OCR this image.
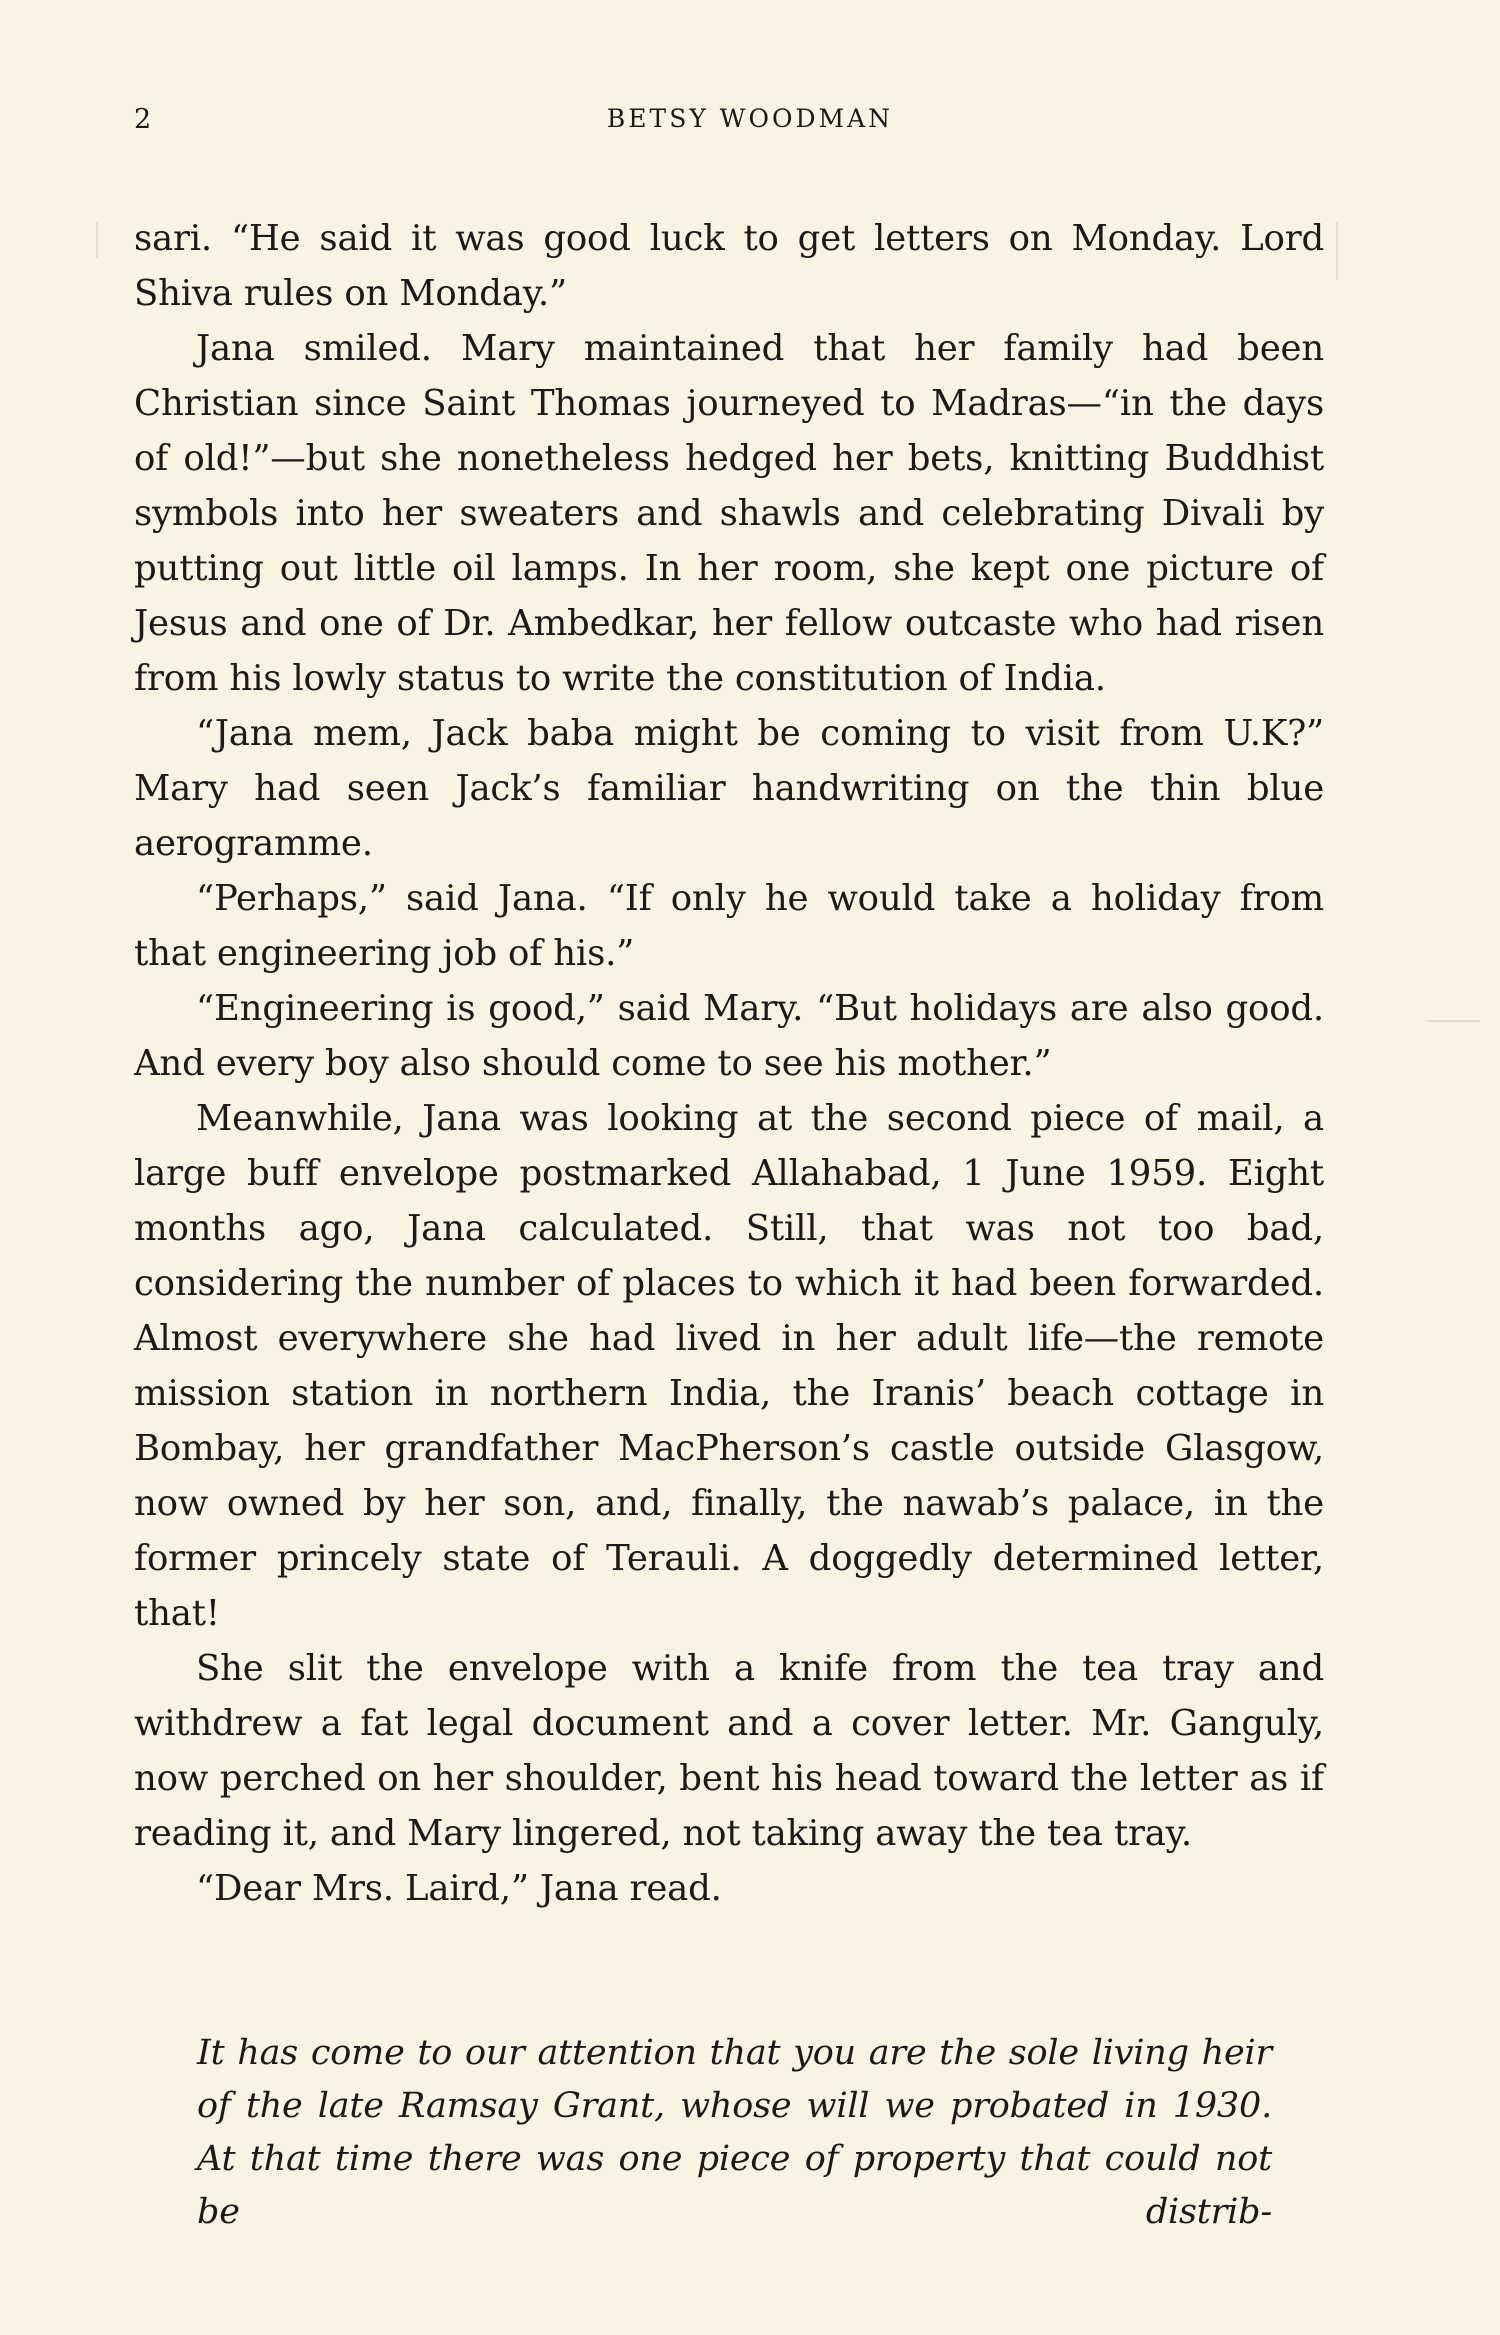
2	BETSY WOODMAN

sari. “He said it was good luck to get letters on Monday. Lord Shiva rules on Monday.”

Jana smiled. Mary maintained that her family had been Christian since Saint Thomas journeyed to Madras—“in the days of old!”—but she nonetheless hedged her bets, knitting Buddhist symbols into her sweaters and shawls and celebrating Divali by putting out little oil lamps. In her room, she kept one picture of Jesus and one of Dr. Ambedkar, her fellow outcaste who had risen from his lowly status to write the constitution of India.

“Jana mem, Jack baba might be coming to visit from U.K?” Mary had seen Jack’s familiar handwriting on the thin blue aerogramme.

“Perhaps,” said Jana. “If only he would take a holiday from that engineering job of his.”

“Engineering is good,” said Mary. “But holidays are also good. And every boy also should come to see his mother.”

Meanwhile, Jana was looking at the second piece of mail, a large buff envelope postmarked Allahabad, 1 June 1959. Eight months ago, Jana calculated. Still, that was not too bad, considering the number of places to which it had been forwarded. Almost everywhere she had lived in her adult life—the remote mission station in northern India, the Iranis’ beach cottage in Bombay, her grandfather MacPherson’s castle outside Glasgow, now owned by her son, and, finally, the nawab’s palace, in the former princely state of Terauli. A doggedly determined letter, that!

She slit the envelope with a knife from the tea tray and withdrew a fat legal document and a cover letter. Mr. Ganguly, now perched on her shoulder, bent his head toward the letter as if reading it, and Mary lingered, not taking away the tea tray.

“Dear Mrs. Laird,” Jana read.

It has come to our attention that you are the sole living heir of the late Ramsay Grant, whose will we probated in 1930. At that time there was one piece of property that could not be distrib-
